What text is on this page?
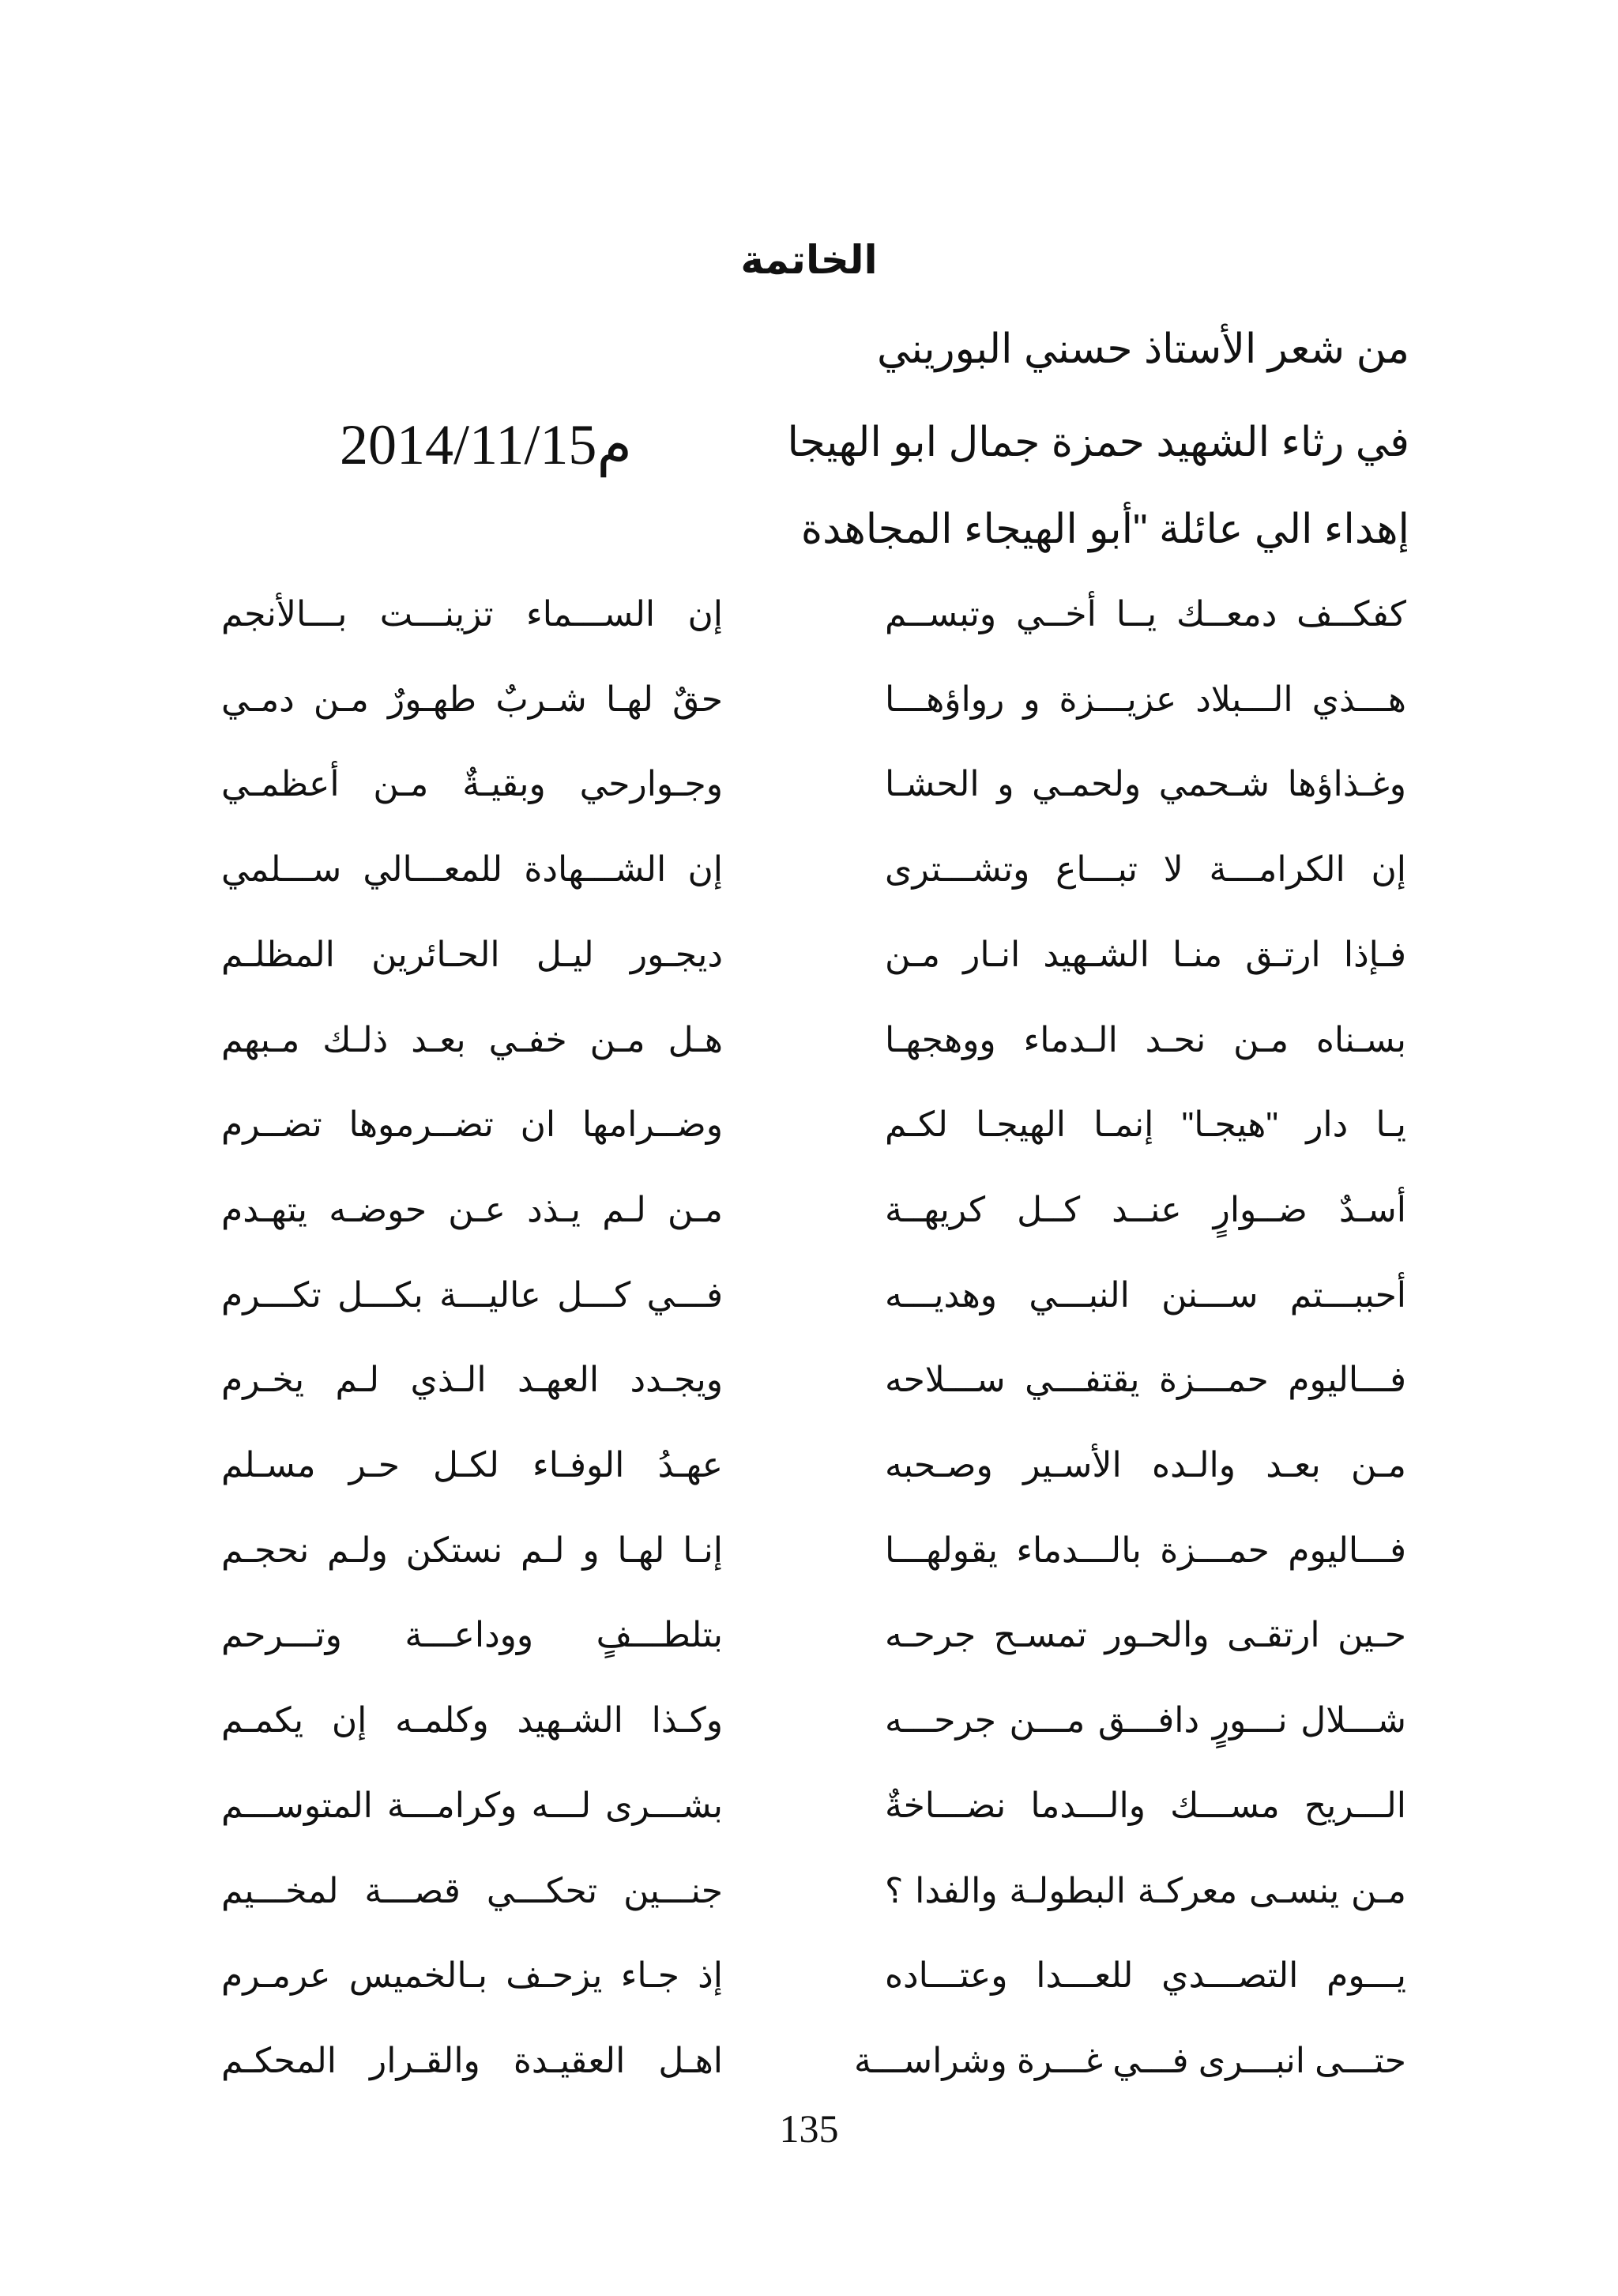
الخاتمة
من شعر الأستاذ حسني البوريني
في رثاء الشهيد حمزة جمال ابو الهيجا
2014/11/15م
إهداء الي عائلة "أبو الهيجاء المجاهدة
كفكــف دمعــك يــا أخــي وتبســم
إن الســـماء تزينـــت بـــالأنجم
هـــذي الـــبلاد عزيـــزة و رواؤهـــا
حقٌ لهـا شـربٌ طهـورٌ مـن دمـي
وغـذاؤها شـحمي ولحمـي و الحشـا
وجـوارحي وبقيـةٌ مـن أعظمـي
إن الكرامـــة لا تبـــاع وتشـــترى
إن الشـــهادة للمعـــالي ســـلمي
فـإذا ارتـق منـا الشـهيد انـار مـن
ديجـور ليـل الحـائرين المظلـم
بسـناه مـن نحـد الـدماء ووهجهـا
هـل مـن خفـي بعـد ذلـك مـبهم
يـا دار "هيجـا" إنمـا الهيجـا لكـم
وضــرامها ان تضــرموها تضــرم
أسـدٌ ضــوارٍ عنــد كــل كريهــة
مـن لـم يـذد عـن حوضـه يتهـدم
أحببـــتم ســـنن النبـــي وهديـــه
فـــي كـــل عاليـــة بكـــل تكـــرم
فـــاليوم حمـــزة يقتفـــي ســـلاحه
ويجـدد العهـد الـذي لـم يخـرم
مـن بعـد والـده الأسـير وصـحبه
عهـدُ الوفـاء لكـل حـر مسـلم
فـــاليوم حمـــزة بالـــدماء يقولهـــا
إنـا لهـا و لـم نستكن ولـم نحجـم
حـين ارتقـى والحـور تمسـح جرحـه
بتلطـــفٍ ووداعـــة وتـــرحم
شـــلال نـــورٍ دافـــق مـــن جرحـــه
وكـذا الشـهيد وكلمـه إن يكمـم
الـــريح مســـك والـــدما نضـــاخةٌ
بشـــرى لـــه وكرامـــة المتوســـم
مـن ينسـى معركـة البطولـة والفدا ؟
جنـــين تحكـــي قصـــة لمخـــيم
يـــوم التصـــدي للعـــدا وعتـــاده
إذ جـاء يزحـف بـالخميس عرمـرم
حتـــى انبـــرى فـــي غـــرة وشراســـة
اهـل العقيـدة والقـرار المحكـم
135
